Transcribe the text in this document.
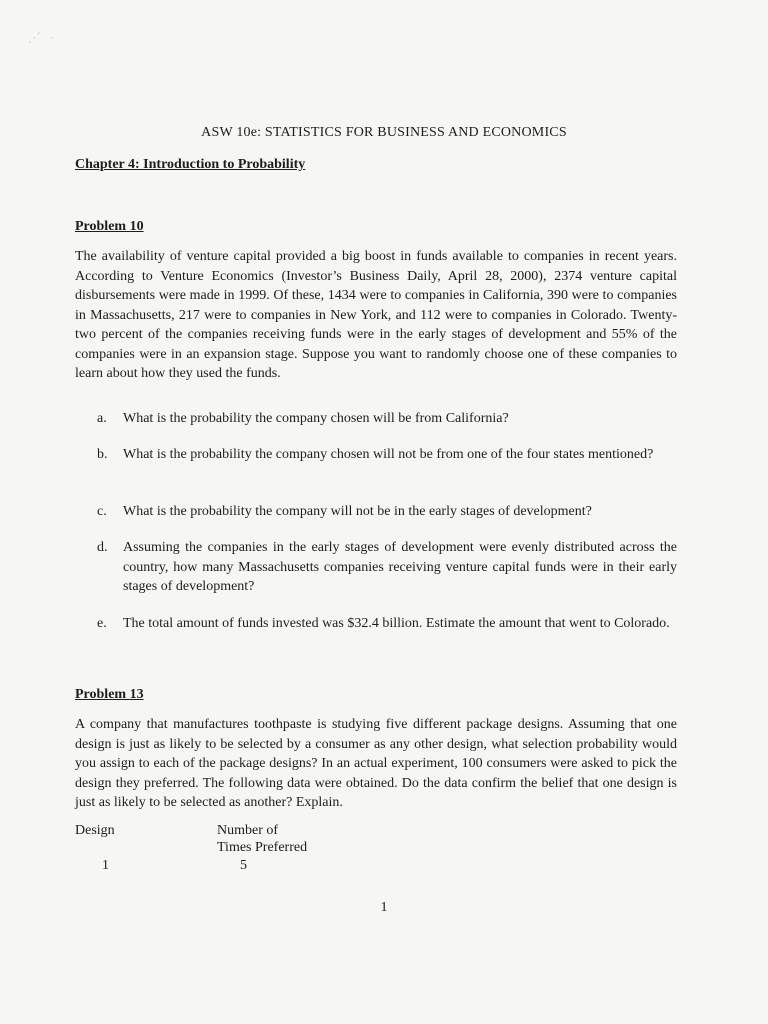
⋰ ·
ASW 10e: STATISTICS FOR BUSINESS AND ECONOMICS
Chapter 4: Introduction to Probability

Problem 10

The availability of venture capital provided a big boost in funds available to companies in recent years. According to Venture Economics (Investor’s Business Daily, April 28, 2000), 2374 venture capital disbursements were made in 1999. Of these, 1434 were to companies in California, 390 were to companies in Massachusetts, 217 were to companies in New York, and 112 were to companies in Colorado. Twenty-two percent of the companies receiving funds were in the early stages of development and 55% of the companies were in an expansion stage. Suppose you want to randomly choose one of these companies to learn about how they used the funds.

a.	What is the probability the company chosen will be from California?
b.	What is the probability the company chosen will not be from one of the four states mentioned?
c.	What is the probability the company will not be in the early stages of development?
d.	Assuming the companies in the early stages of development were evenly distributed across the country, how many Massachusetts companies receiving venture capital funds were in their early stages of development?
e.	The total amount of funds invested was $32.4 billion. Estimate the amount that went to Colorado.

Problem 13

A company that manufactures toothpaste is studying five different package designs. Assuming that one design is just as likely to be selected by a consumer as any other design, what selection probability would you assign to each of the package designs? In an actual experiment, 100 consumers were asked to pick the design they preferred. The following data were obtained. Do the data confirm the belief that one design is just as likely to be selected as another? Explain.

Design	Number of
Times Preferred
1	5
1
